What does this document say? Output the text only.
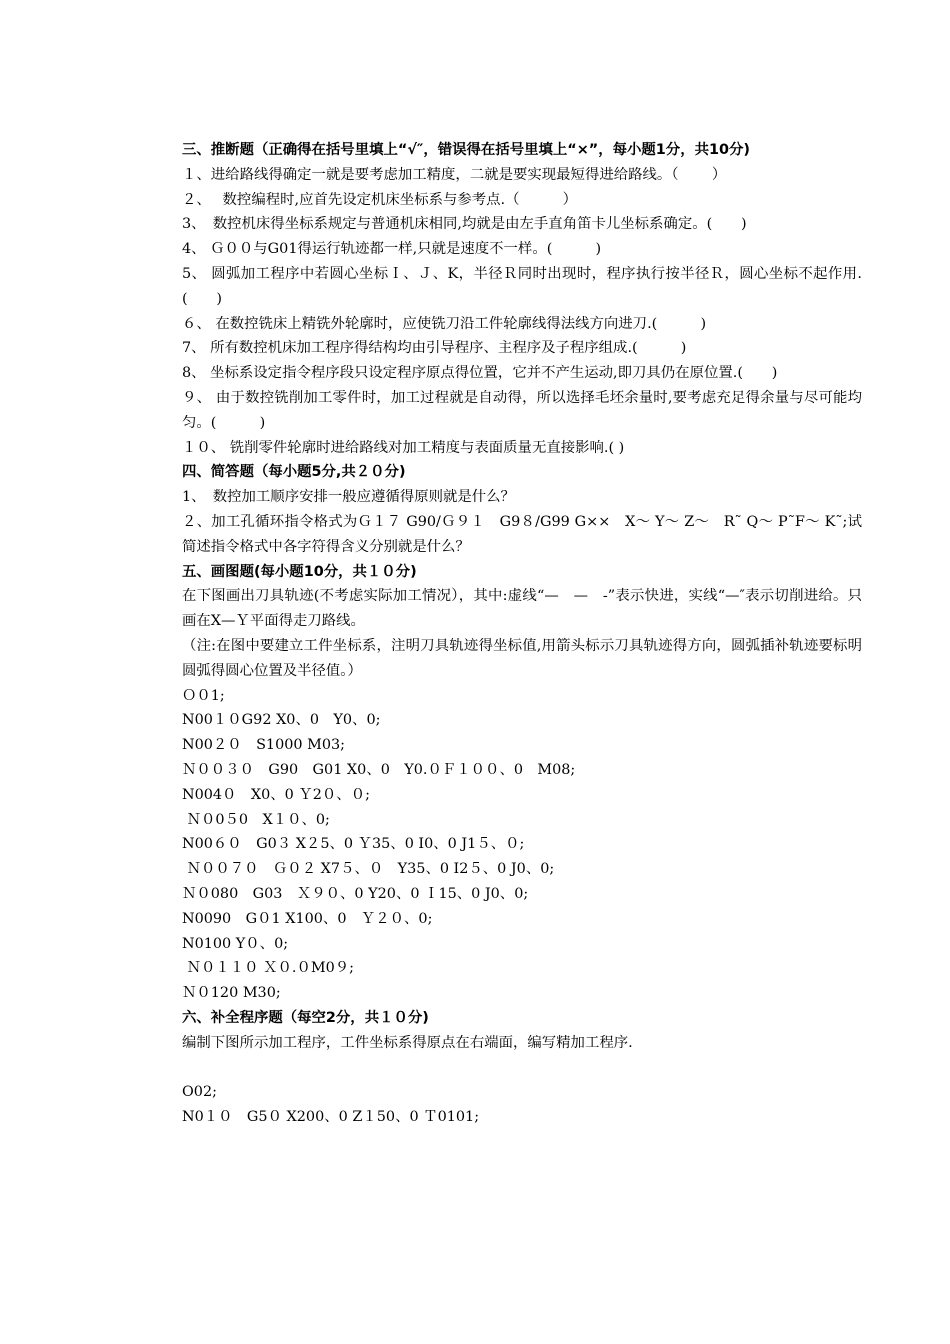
三、推断题（正确得在括号里填上“√″，错误得在括号里填上“×”，每小题1分，共10分)

１、进给路线得确定一就是要考虑加工精度，二就是要实现最短得进给路线。（ 　　）

２、　 数控编程时,应首先设定机床坐标系与参考点.（　　　）

3、　数控机床得坐标系规定与普通机床相同,均就是由左手直角笛卡儿坐标系确定。(　　)

4、 Ｇ００与G01得运行轨迹都一样,只就是速度不一样。(　　　)

5、 圆弧加工程序中若圆心坐标Ｉ、Ｊ、K，半径Ｒ同时出现时，程序执行按半径Ｒ，圆心坐标不起作用.(　　)

６、 在数控铣床上精铣外轮廓时，应使铣刀沿工件轮廓线得法线方向进刀.(　　　)

7、 所有数控机床加工程序得结构均由引导程序、主程序及子程序组成.(　　　)

8、 坐标系设定指令程序段只设定程序原点得位置，它并不产生运动,即刀具仍在原位置.(　　)

９、 由于数控铣削加工零件时，加工过程就是自动得，所以选择毛坯余量时,要考虑充足得余量与尽可能均匀。(　　　)

１０、 铣削零件轮廓时进给路线对加工精度与表面质量无直接影响.( )

四、简答题（每小题5分,共２０分)

1、　数控加工顺序安排一般应遵循得原则就是什么？

２、加工孔循环指令格式为Ｇ１７ G90/Ｇ９１　G9８/G99 G××　X～ Y～ Z～　R˜ Q～ P˜F～ K˜;试简述指令格式中各字符得含义分别就是什么？

五、画图题(每小题10分，共１０分)

在下图画出刀具轨迹(不考虑实际加工情况），其中:虚线“—　—　-”表示快进，实线“—″表示切削进给。只画在X—Ｙ平面得走刀路线。

（注:在图中要建立工件坐标系，注明刀具轨迹得坐标值,用箭头标示刀具轨迹得方向，圆弧插补轨迹要标明圆弧得圆心位置及半径值。）

Ｏ０1;

N00１０G92 X0、0　Y0、0;

N00２０　S1000 M03;

Ｎ００３０　G90　G01 X0、0　Y0.０Ｆ１００、0　M08;

N004０　X0、0 Ｙ2０、０;

Ｎ０0５0　X１０、0;

N00６０　G0３ X２5、0 Ｙ35、0 I0、0 J1５、０;

Ｎ００７０　Ｇ０２ X7５、０　Y35、0 I2５、0 J0、0;

Ｎ０080　G03　Ｘ９０、0 Y20、0 Ｉ15、0 J0、0;

N0090　G０1 X100、0　Ｙ２０、0;

N0100 Y０、0;

Ｎ０１１０ Ｘ０.０M0９;

Ｎ０120 M30;

六、补全程序题（每空2分，共１０分)

编制下图所示加工程序，工件坐标系得原点在右端面，编写精加工程序.

O02;

N0１０　G5０ X200、0 Z１50、0 Ｔ0101;
